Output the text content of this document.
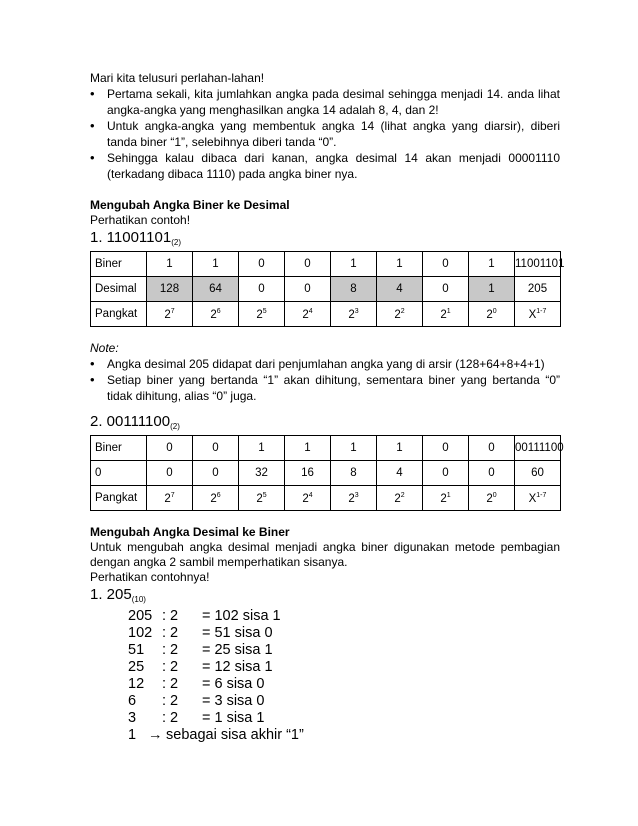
Mari kita telusuri perlahan-lahan!

• Pertama sekali, kita jumlahkan angka pada desimal sehingga menjadi 14. anda lihat angka-angka yang menghasilkan angka 14 adalah 8, 4, dan 2!
• Untuk angka-angka yang membentuk angka 14 (lihat angka yang diarsir), diberi tanda biner “1”, selebihnya diberi tanda “0”.
• Sehingga kalau dibaca dari kanan, angka desimal 14 akan menjadi 00001110 (terkadang dibaca 1110) pada angka biner nya.

Mengubah Angka Biner ke Desimal

Perhatikan contoh!

1. $11001101_{(2)}$

Biner	1	1	0	0	1	1	0	1	11001101
Desimal	128	64	0	0	8	4	0	1	205
Pangkat	$2^7$	$2^6$	$2^5$	$2^4$	$2^3$	$2^2$	$2^1$	$2^0$	$X^{1-7}$

Note:

• Angka desimal 205 didapat dari penjumlahan angka yang di arsir (128+64+8+4+1)
• Setiap biner yang bertanda “1” akan dihitung, sementara biner yang bertanda “0” tidak dihitung, alias “0” juga.

2. $00111100_{(2)}$

Biner	0	0	1	1	1	1	0	0	00111100
0	0	0	32	16	8	4	0	0	60
Pangkat	$2^7$	$2^6$	$2^5$	$2^4$	$2^3$	$2^2$	$2^1$	$2^0$	$X^{1-7}$

Mengubah Angka Desimal ke Biner

Untuk mengubah angka desimal menjadi angka biner digunakan metode pembagian dengan angka 2 sambil memperhatikan sisanya.

Perhatikan contohnya!

1. $205_{(10)}$

205 : 2	= 102 sisa 1
102 : 2	= 51 sisa 0
51	: 2	= 25 sisa 1
25	: 2	= 12 sisa 1
12	: 2	= 6 sisa 0
6	: 2	= 3 sisa 0
3	: 2	= 1 sisa 1
1 → sebagai sisa akhir “1”
